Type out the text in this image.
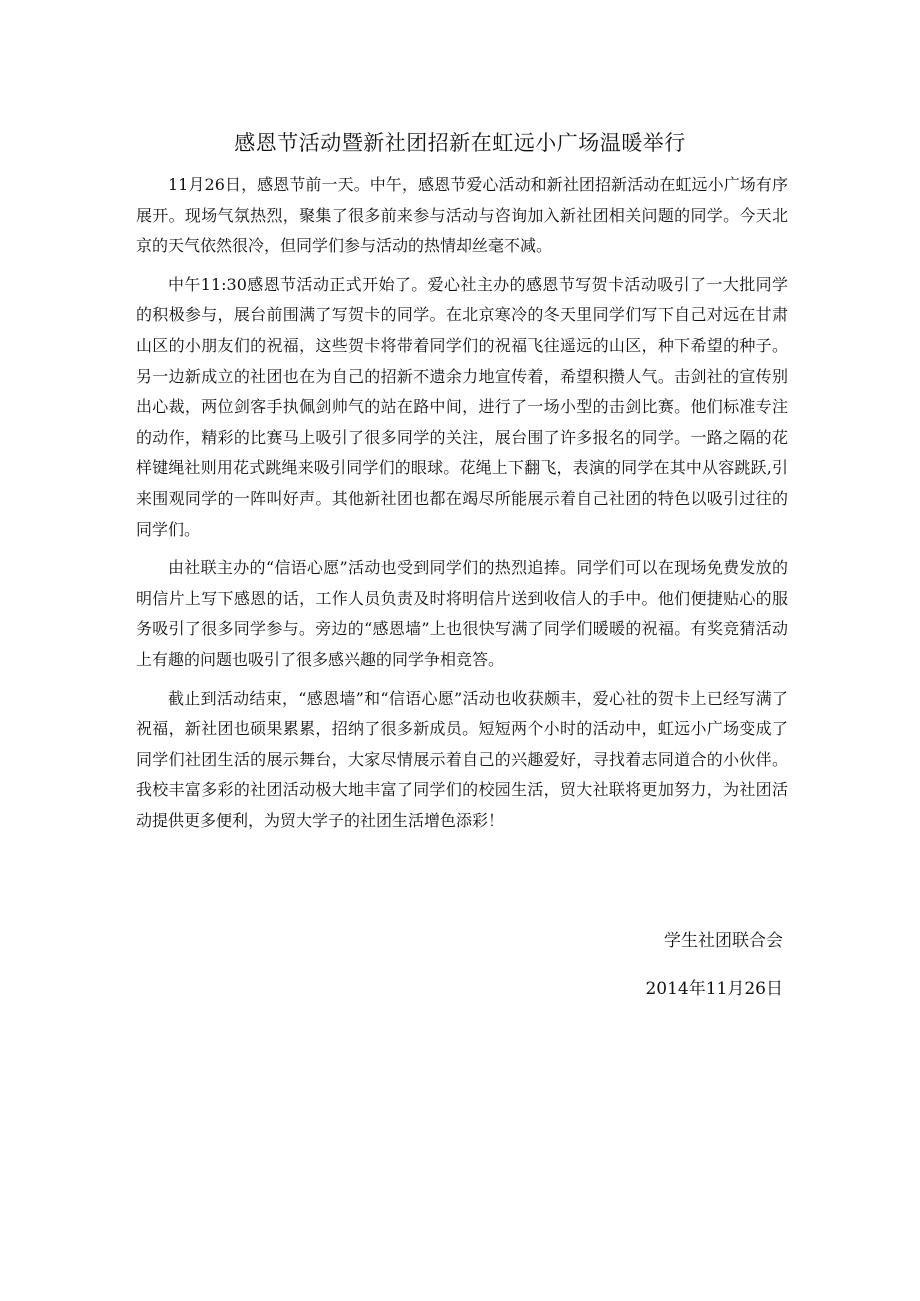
感恩节活动暨新社团招新在虹远小广场温暖举行

11月26日，感恩节前一天。中午，感恩节爱心活动和新社团招新活动在虹远小广场有序展开。现场气氛热烈，聚集了很多前来参与活动与咨询加入新社团相关问题的同学。今天北京的天气依然很冷，但同学们参与活动的热情却丝毫不减。

中午11:30感恩节活动正式开始了。爱心社主办的感恩节写贺卡活动吸引了一大批同学的积极参与，展台前围满了写贺卡的同学。在北京寒冷的冬天里同学们写下自己对远在甘肃山区的小朋友们的祝福，这些贺卡将带着同学们的祝福飞往遥远的山区，种下希望的种子。另一边新成立的社团也在为自己的招新不遗余力地宣传着，希望积攒人气。击剑社的宣传别出心裁，两位剑客手执佩剑帅气的站在路中间，进行了一场小型的击剑比赛。他们标准专注的动作，精彩的比赛马上吸引了很多同学的关注，展台围了许多报名的同学。一路之隔的花样键绳社则用花式跳绳来吸引同学们的眼球。花绳上下翻飞，表演的同学在其中从容跳跃,引来围观同学的一阵叫好声。其他新社团也都在竭尽所能展示着自己社团的特色以吸引过往的同学们。

由社联主办的“信语心愿”活动也受到同学们的热烈追捧。同学们可以在现场免费发放的明信片上写下感恩的话，工作人员负责及时将明信片送到收信人的手中。他们便捷贴心的服务吸引了很多同学参与。旁边的“感恩墙”上也很快写满了同学们暖暖的祝福。有奖竞猜活动上有趣的问题也吸引了很多感兴趣的同学争相竞答。

截止到活动结束，“感恩墙”和“信语心愿”活动也收获颇丰，爱心社的贺卡上已经写满了祝福，新社团也硕果累累，招纳了很多新成员。短短两个小时的活动中，虹远小广场变成了同学们社团生活的展示舞台，大家尽情展示着自己的兴趣爱好，寻找着志同道合的小伙伴。我校丰富多彩的社团活动极大地丰富了同学们的校园生活，贸大社联将更加努力，为社团活动提供更多便利，为贸大学子的社团生活增色添彩！

学生社团联合会
2014年11月26日
